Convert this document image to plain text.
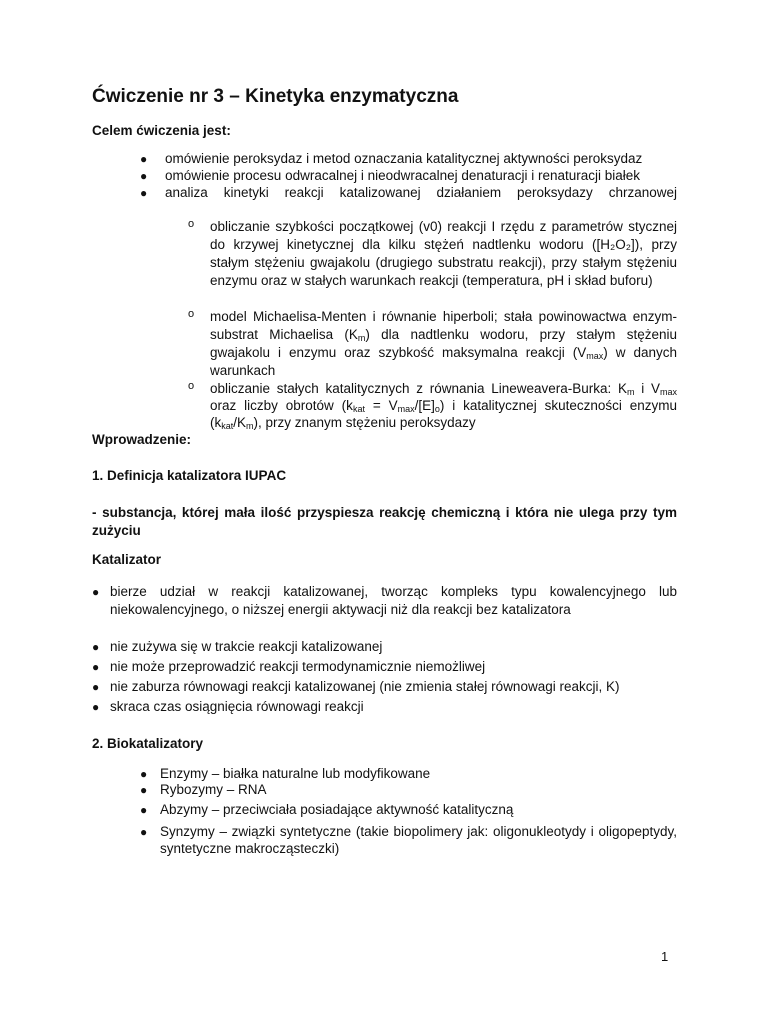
Ćwiczenie nr 3 – Kinetyka enzymatyczna
Celem ćwiczenia jest:
● omówienie peroksydaz i metod oznaczania katalitycznej aktywności peroksydaz
● omówienie procesu odwracalnej i nieodwracalnej denaturacji i renaturacji białek
● analiza kinetyki reakcji katalizowanej działaniem peroksydazy chrzanowej
o obliczanie szybkości początkowej (v0) reakcji I rzędu z parametrów stycznej do krzywej kinetycznej dla kilku stężeń nadtlenku wodoru ([H₂O₂]), przy stałym stężeniu gwajakolu (drugiego substratu reakcji), przy stałym stężeniu enzymu oraz w stałych warunkach reakcji (temperatura, pH i skład buforu)
o model Michaelisa-Menten i równanie hiperboli; stała powinowactwa enzym-substrat Michaelisa $(K_m)$ dla nadtlenku wodoru, przy stałym stężeniu gwajakolu i enzymu oraz szybkość maksymalna reakcji $(V_{max})$ w danych warunkach
o obliczanie stałych katalitycznych z równania Lineweavera-Burka: $K_m$ i $V_{max}$ oraz liczby obrotów $(k_{kat} = V_{max}/[E]_o)$ i katalitycznej skuteczności enzymu $(k_{kat}/K_m)$, przy znanym stężeniu peroksydazy
Wprowadzenie:
1. Definicja katalizatora IUPAC
- substancja, której mała ilość przyspiesza reakcję chemiczną i która nie ulega przy tym zużyciu
Katalizator
● bierze udział w reakcji katalizowanej, tworząc kompleks typu kowalencyjnego lub niekowalencyjnego, o niższej energii aktywacji niż dla reakcji bez katalizatora
● nie zużywa się w trakcie reakcji katalizowanej
● nie może przeprowadzić reakcji termodynamicznie niemożliwej
● nie zaburza równowagi reakcji katalizowanej (nie zmienia stałej równowagi reakcji, K)
● skraca czas osiągnięcia równowagi reakcji
2. Biokatalizatory
● Enzymy – białka naturalne lub modyfikowane
● Rybozymy – RNA
● Abzymy – przeciwciała posiadające aktywność katalityczną
● Synzymy – związki syntetyczne (takie biopolimery jak: oligonukleotydy i oligopeptydy, syntetyczne makrocząsteczki)
1
